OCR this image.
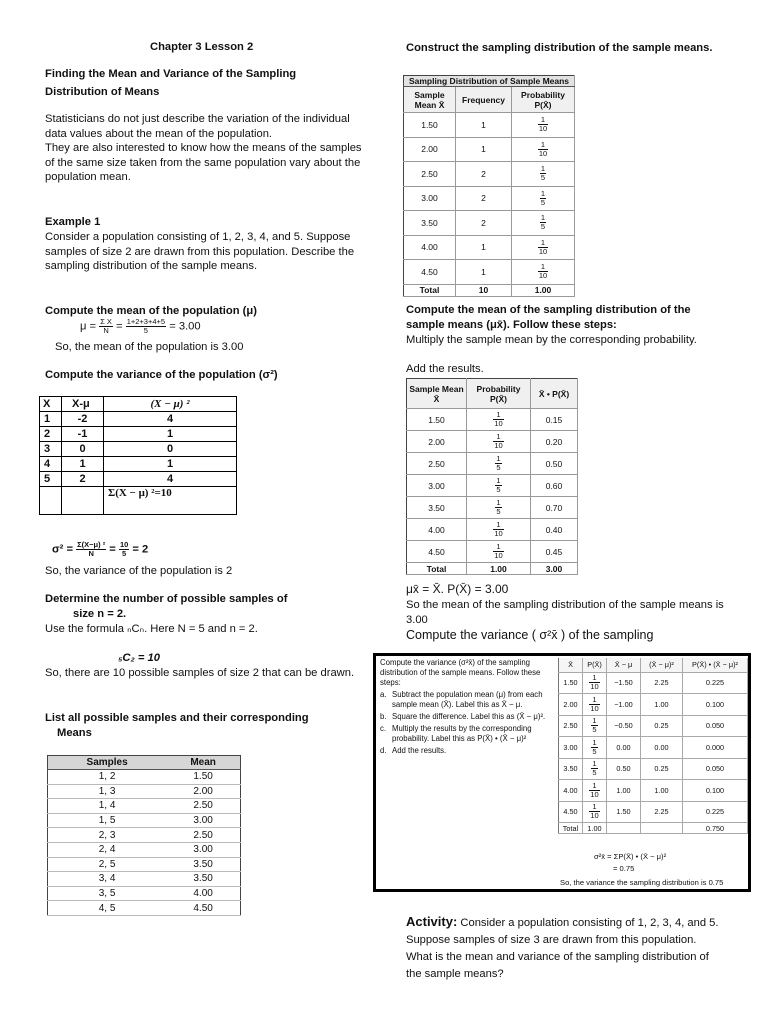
Chapter 3 Lesson 2
Finding the Mean and Variance of the Sampling
Distribution of Means
Statisticians do not just describe the variation of the individual data values about the mean of the population.
They are also interested to know how the means of the samples of the same size taken from the same population vary about the population mean.
Example 1
Consider a population consisting of 1, 2, 3, 4, and 5. Suppose samples of size 2 are drawn from this population. Describe the sampling distribution of the sample means.
Compute the mean of the population (μ)
$\mu = \frac{\text{Σ X}}{N} = \frac{1+2+3+4+5}{5} = 3.00$
So, the mean of the population is 3.00
Compute the variance of the population (σ²)
X	X-μ	(X − μ) ²
1	-2	4
2	-1	1
3	0	0
4	1	1
5	2	4
		Σ(X − μ) ²=10
$\sigma^2 = \frac{\text{Σ(X−μ) ²}}{N} = \frac{10}{5} = 2$
So, the variance of the population is 2
Determine the number of possible samples of
size n = 2.
Use the formula ₙCₙ. Here N = 5 and n = 2.
₅C₂ = 10
So, there are 10 possible samples of size 2 that can be drawn.
List all possible samples and their corresponding
Means
Samples	Mean
1, 2	1.50
1, 3	2.00
1, 4	2.50
1, 5	3.00
2, 3	2.50
2, 4	3.00
2, 5	3.50
3, 4	3.50
3, 5	4.00
4, 5	4.50
Construct the sampling distribution of the sample means.
Sampling Distribution of Sample Means		
Sample Mean X̄	Frequency	Probability P(X̄)
1.50	1	$\frac{1}{10}$

2.00	1	$\frac{1}{10}$

2.50	2	$\frac{1}{5}$

3.00	2	$\frac{1}{5}$

3.50	2	$\frac{1}{5}$

4.00	1	$\frac{1}{10}$

4.50	1	$\frac{1}{10}$

Total	10	1.00
Compute the mean of the sampling distribution of the sample means (μx̄). Follow these steps:
Multiply the sample mean by the corresponding probability.
Add the results.
Sample Mean X̄	Probability P(X̄)	X̄ • P(X̄)
1.50	$\frac{1}{10}$	0.15
2.00	$\frac{1}{10}$	0.20
2.50	$\frac{1}{5}$	0.50
3.00	$\frac{1}{5}$	0.60
3.50	$\frac{1}{5}$	0.70
4.00	$\frac{1}{10}$	0.40
4.50	$\frac{1}{10}$	0.45
Total	1.00	3.00
μx̄ = X̄. P(X̄) = 3.00
So the mean of the sampling distribution of the sample means is 3.00
Compute the variance ( σ²x̄ ) of the sampling
Compute the variance (σ²x̄) of the sampling distribution of the sample means. Follow these steps:
a. Subtract the population mean (μ) from each sample mean (X̄). Label this as X̄ − μ.
b. Square the difference. Label this as (X̄ − μ)².
c. Multiply the results by the corresponding probability. Label this as P(X̄) • (X̄ − μ)²
d. Add the results.
X̄	P(X̄)	X̄ − μ	(X̄ − μ)²	P(X̄) • (X̄ − μ)²
1.50	$\frac{1}{10}$	−1.50	2.25	0.225
2.00	$\frac{1}{10}$	−1.00	1.00	0.100
2.50	$\frac{1}{5}$	−0.50	0.25	0.050
3.00	$\frac{1}{5}$	0.00	0.00	0.000
3.50	$\frac{1}{5}$	0.50	0.25	0.050
4.00	$\frac{1}{10}$	1.00	1.00	0.100
4.50	$\frac{1}{10}$	1.50	2.25	0.225
Total	1.00			0.750
σ²x̄ = ΣP(X̄) • (X̄ − μ)²
= 0.75
So, the variance the sampling distribution is 0.75
Activity: Consider a population consisting of 1, 2, 3, 4, and 5. Suppose samples of size 3 are drawn from this population. What is the mean and variance of the sampling distribution of the sample means?
